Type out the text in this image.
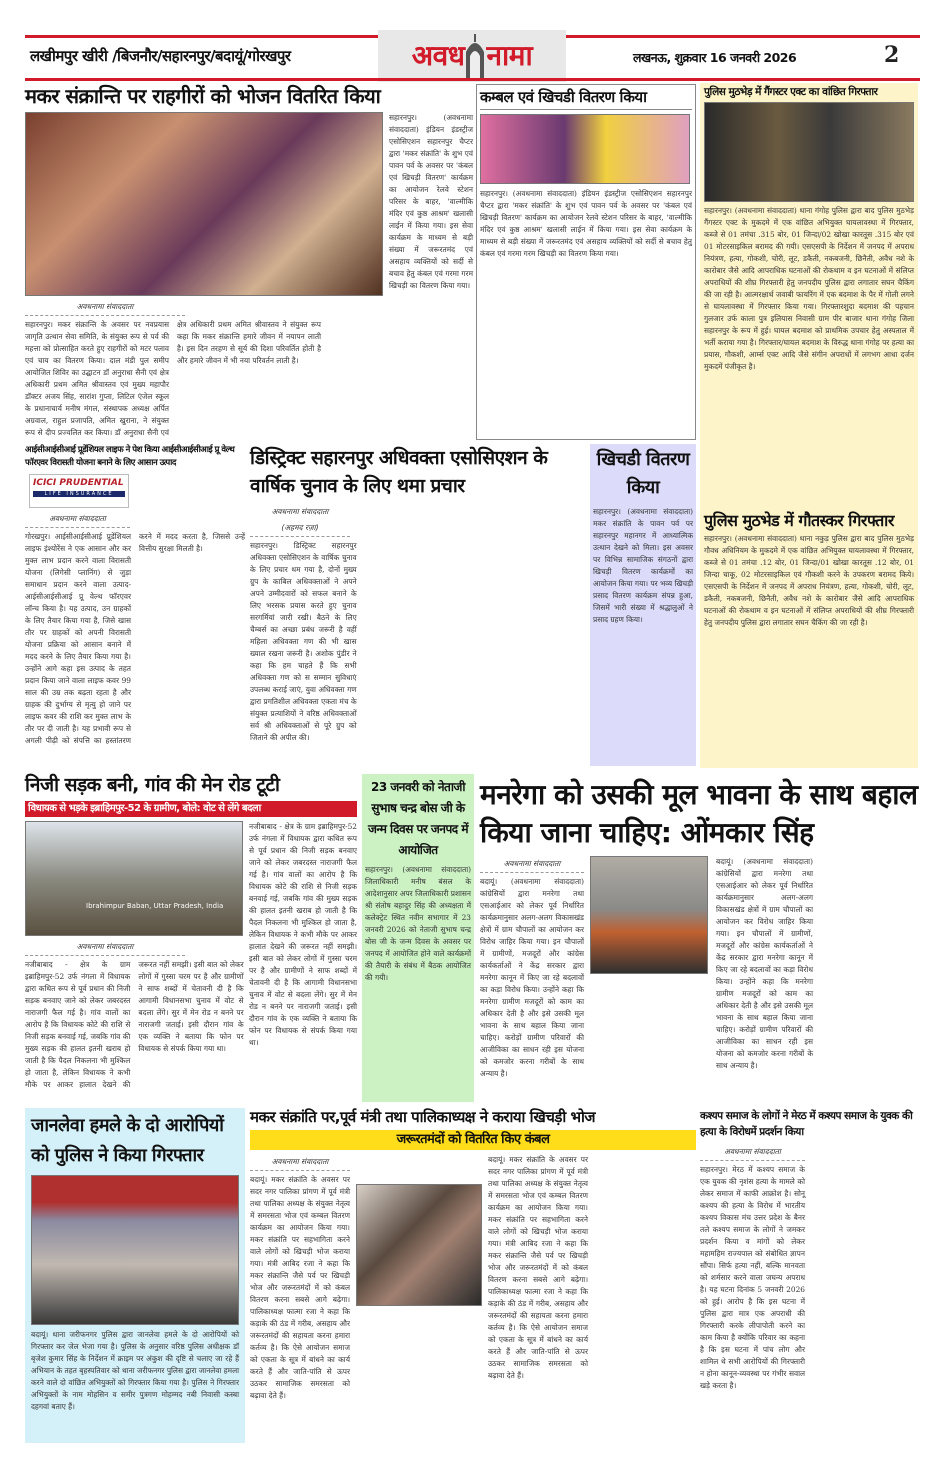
लखीमपुर खीरी /बिजनौर/सहारनपुर/बदायूं/गोरखपुर	अवध नामा	लखनऊ, शुक्रवार 16 जनवरी 2026	2
मकर संक्रान्ति पर राहगीरों को भोजन वितरित किया
सहारनपुर। (अवधनामा संवाददाता) इंडियन इंडस्ट्रीज एसोसिएशन सहारनपुर चैप्टर द्वारा 'मकर संक्रांति' के शुभ एवं पावन पर्व के अवसर पर 'कंबल एवं खिचड़ी वितरण' कार्यक्रम का आयोजन रेलवे स्टेशन परिसर के बाहर, 'वाल्मीकि मंदिर एवं कुष्ठ आश्रम' खलासी लाईन में किया गया। इस सेवा कार्यक्रम के माध्यम से बड़ी संख्या में जरूरतमंद एवं असहाय व्यक्तियों को सर्दी से बचाव हेतु कंबल एवं गरमा गरम खिचड़ी का वितरण किया गया।
अवधनामा संवाददाता
सहारनपुर। मकर संक्रान्ति के अवसर पर नवप्रयास जागृति उत्थान सेवा समिति, के संयुक्त रूप से पर्व की महत्ता को प्रोत्साहित करते हुए राहगीरों को मटर पलाव एवं चाय का वितरण किया। दाल मंडी पुल समीप आयोजित शिविर का उद्घाटन डॉ अनुराधा सैनी एवं क्षेत्र अधिकारी प्रथम अमित श्रीवास्तव एवं मुख्य महापौर डॉक्टर अजय सिंह, सारांश गुप्ता, लिटिल एंजेल स्कूल के प्रधानाचार्य मनीष मंगल, संस्थापक अध्यक्ष अर्पित अग्रवाल, राहुल प्रजापति, अमित खुराना, ने संयुक्त रूप से दीप प्रज्वलित कर किया। डॉ अनुराधा सैनी एवं क्षेत्र अधिकारी प्रथम अमित श्रीवास्तव ने संयुक्त रूप कहा कि मकर संक्रान्ति हमारे जीवन में नयापन लाती है। इस दिन तरहण से सूर्य की दिशा परिवर्तित होती है और हमारे जीवन में भी नया परिवर्तन लाती है।
कम्बल एवं खिचडी वितरण किया
सहारनपुर। (अवधनामा संवाददाता) इंडियन इंडस्ट्रीज एसोसिएशन सहारनपुर चैप्टर द्वारा 'मकर संक्रांति' के शुभ एवं पावन पर्व के अवसर पर 'कंबल एवं खिचड़ी वितरण' कार्यक्रम का आयोजन रेलवे स्टेशन परिसर के बाहर, 'वाल्मीकि मंदिर एवं कुष्ठ आश्रम' खलासी लाईन में किया गया। इस सेवा कार्यक्रम के माध्यम से बड़ी संख्या में जरूरतमंद एवं असहाय व्यक्तियों को सर्दी से बचाव हेतु कंबल एवं गरमा गरम खिचड़ी का वितरण किया गया।
पुलिस मुठभेड़ में गैंगस्टर एक्ट का वांछित गिरफ्तार
सहारनपुर। (अवधनामा संवाददाता) थाना गंगोह पुलिस द्वारा बाद पुलिस मुठभेड़ गैंगस्टर एक्ट के मुकदमे में एक वांछित अभियुक्त घायलावस्था में गिरफ्तार, कब्जे से 01 तमंचा .315 बोर, 01 जिन्दा/02 खोखा कारतूस .315 बोर एवं 01 मोटरसाइकिल बरामद की गयी। एसएसपी के निर्देशन में जनपद में अपराध नियंत्रण, हत्या, गोकशी, चोरी, लूट, डकैती, नकबजनी, छिनैती, अवैध नशे के कारोबार जैसे आदि आपराधिक घटनाओं की रोकथाम व इन घटनाओं में संलिप्त अपराधियों की शीघ्र गिरफ्तारी हेतु जनपदीय पुलिस द्वारा लगातार सघन चैकिंग की जा रही है। आत्मरक्षार्थ जवाबी फायरिंग में एक बदमाश के पैर में गोली लगने से घायलावस्था में गिरफ्तार किया गया। गिरफ्तारशुदा बदमाश की पहचान गुलजार उर्फ काला पुत्र इलियास निवासी ग्राम पीर बाजार थाना गंगोह जिला सहारनपुर के रूप में हुई। घायल बदमाश को प्राथमिक उपचार हेतु अस्पताल में भर्ती कराया गया है। गिरफ्तार/घायल बदमाश के विरुद्ध थाना गंगोह पर हत्या का प्रयास, गौकशी, आर्म्स एक्ट आदि जैसे संगीन अपराधों में लगभग आधा दर्जन मुकदमें पंजीकृत है।
पुलिस मुठभेड में गौतस्कर गिरफ्तार
सहारनपुर। (अवधनामा संवाददाता) थाना नकुड़ पुलिस द्वारा बाद पुलिस मुठभेड़ गौवध अधिनियम के मुकदमे में एक वांछित अभियुक्त घायलावस्था में गिरफ्तार, कब्जे से 01 तमंचा .12 बोर, 01 जिन्दा/01 खोखा कारतूस .12 बोर, 01 जिन्दा चाकू, 02 मोटरसाइकिल एवं गौकशी करने के उपकरण बरामद किये। एसएसपी के निर्देशन में जनपद में अपराध नियंत्रण, हत्या, गोकशी, चोरी, लूट, डकैती, नकबजनी, छिनैती, अवैध नशे के कारोबार जैसे आदि आपराधिक घटनाओं की रोकथाम व इन घटनाओं में संलिप्त अपराधियों की शीघ्र गिरफ्तारी हेतु जनपदीय पुलिस द्वारा लगातार सघन चैकिंग की जा रही है।
आईसीआईसीआई प्रूडेंशियल लाइफ ने पेश किया आईसीआईसीआई प्रू वेल्थ फॉरएवर विरासती योजना बनाने के लिए आसान उत्पाद
ICICI PRUDENTIAL
LIFE INSURANCE
अवधनामा संवाददाता
गोरखपुर। आईसीआईसीआई प्रूडेंशियल लाइफ इंश्योरेंस ने एक आसान और कर मुक्त लाभ प्रदान करने वाला विरासती योजना (लिगेसी प्लानिंग) से जुड़ा समाधान प्रदान करने वाला उत्पाद- आईसीआईसीआई प्रू वेल्थ फॉरएवर लॉन्च किया है। यह उत्पाद, उन ग्राहकों के लिए तैयार किया गया है, जिसे खास तौर पर ग्राहकों को अपनी विरासती योजना प्रक्रिया को आसान बनाने में मदद करने के लिए तैयार किया गया है। उन्होंने आगे कहा इस उत्पाद के तहत प्रदान किया जाने वाला लाइफ कवर 99 साल की उम्र तक बढ़ता रहता है और ग्राहक की दुर्भाग्य से मृत्यु हो जाने पर लाइफ कवर की राशि कर मुक्त लाभ के तौर पर दी जाती है। यह प्रभावी रूप से अगली पीढ़ी को संपत्ति का हस्तांतरण करने में मदद करता है, जिससे उन्हें वित्तीय सुरक्षा मिलती है।
डिस्ट्रिक्ट सहारनपुर अधिवक्ता एसोसिएशन के वार्षिक चुनाव के लिए थमा प्रचार
अवधनामा संवाददाता
(अहमद रज़ा)
सहारनपुर। डिस्ट्रिक्ट सहारनपुर अधिवक्ता एसोसिएशन के वार्षिक चुनाव के लिए प्रचार थम गया है, दोनों मुख्य ग्रुप के काबिल अधिवक्ताओं ने अपने अपने उम्मीदवारों को सफल बनाने के लिए भरसक प्रयास करते हुए चुनाव सरगर्मियां जारी रखी। बैठने के लिए चैम्बर्स का अच्छा प्रबंध जरूरी है वहीं महिला अधिवक्ता गण की भी खास ख्याल रखना जरूरी है। अशोक पुंडीर ने कहा कि हम चाहते हैं कि सभी अधिवक्ता गण को स सम्मान सुविधाएं उपलब्ध कराई जाएं, युवा अधिवक्ता गण द्वारा प्रगतिशील अधिवक्ता एकता मंच के संयुक्त प्रत्याशियों ने वरिष्ठ अधिवक्ताओं सर्व श्री अधिवक्ताओं से पूरे ग्रुप को जिताने की अपील की।
खिचडी वितरण किया
सहारनपुर। (अवधनामा संवाददाता) मकर संक्रांति के पावन पर्व पर सहारनपुर महानगर में आध्यात्मिक उत्थान देखने को मिला। इस अवसर पर विभिन्न सामाजिक संगठनों द्वारा खिचड़ी वितरण कार्यक्रमों का आयोजन किया गया। पर भव्य खिचड़ी प्रसाद वितरण कार्यक्रम संपन्न हुआ, जिसमें भारी संख्या में श्रद्धालुओं ने प्रसाद ग्रहण किया।
निजी सड़क बनी, गांव की मेन रोड टूटी
विधायक से भड़के इब्राहिमपुर-52 के ग्रामीण, बोले: वोट से लेंगे बदला
Ibrahimpur Baban, Uttar Pradesh, India
नजीबाबाद - क्षेत्र के ग्राम इब्राहिमपुर-52 उर्फ नंगला में विधायक द्वारा कथित रूप से पूर्व प्रधान की निजी सड़क बनवाए जाने को लेकर जबरदस्त नाराजगी फैल गई है। गांव वालों का आरोप है कि विधायक कोटे की राशि से निजी सड़क बनवाई गई, जबकि गांव की मुख्य सड़क की हालत इतनी खराब हो जाती है कि पैदल निकलना भी मुश्किल हो जाता है, लेकिन विधायक ने कभी मौके पर आकर हालात देखने की जरूरत नहीं समझी। इसी बात को लेकर लोगों में गुस्सा चरम पर है और ग्रामीणों ने साफ शब्दों में चेतावनी दी है कि आगामी विधानसभा चुनाव में वोट से बदला लेंगे। सुर में मेन रोड न बनने पर नाराजगी जताई। इसी दौरान गांव के एक व्यक्ति ने बताया कि फोन पर विधायक से संपर्क किया गया था।
अवधनामा संवाददाता
नजीबाबाद - क्षेत्र के ग्राम इब्राहिमपुर-52 उर्फ नंगला में विधायक द्वारा कथित रूप से पूर्व प्रधान की निजी सड़क बनवाए जाने को लेकर जबरदस्त नाराजगी फैल गई है। गांव वालों का आरोप है कि विधायक कोटे की राशि से निजी सड़क बनवाई गई, जबकि गांव की मुख्य सड़क की हालत इतनी खराब हो जाती है कि पैदल निकलना भी मुश्किल हो जाता है, लेकिन विधायक ने कभी मौके पर आकर हालात देखने की जरूरत नहीं समझी। इसी बात को लेकर लोगों में गुस्सा चरम पर है और ग्रामीणों ने साफ शब्दों में चेतावनी दी है कि आगामी विधानसभा चुनाव में वोट से बदला लेंगे। सुर में मेन रोड न बनने पर नाराजगी जताई। इसी दौरान गांव के एक व्यक्ति ने बताया कि फोन पर विधायक से संपर्क किया गया था।
23 जनवरी को नेताजी सुभाष चन्द्र बोस जी के जन्म दिवस पर जनपद में आयोजित
सहारनपुर। (अवधनामा संवाददाता) जिलाधिकारी मनीष बंसल के आदेशानुसार अपर जिलाधिकारी प्रशासन श्री संतोष बहादुर सिंह की अध्यक्षता में कलेक्ट्रेट स्थित नवीन सभागार में 23 जनवरी 2026 को नेताजी सुभाष चन्द्र बोस जी के जन्म दिवस के अवसर पर जनपद में आयोजित होने वाले कार्यक्रमों की तैयारी के संबंध में बैठक आयोजित की गयी।
मनरेगा को उसकी मूल भावना के साथ बहाल किया जाना चाहिए: ओंमकार सिंह
अवधनामा संवाददाता
बदायूं। (अवधनामा संवाददाता) कांग्रेसियों द्वारा मनरेगा तथा एसआईआर को लेकर पूर्व निर्धारित कार्यक्रमानुसार अलग-अलग विकासखंड क्षेत्रों में ग्राम चौपालों का आयोजन कर विरोध जाहिर किया गया। इन चौपालों में ग्रामीणों, मजदूरों और कांग्रेस कार्यकर्ताओं ने केंद्र सरकार द्वारा मनरेगा कानून में किए जा रहे बदलावों का कड़ा विरोध किया। उन्होंने कहा कि मनरेगा ग्रामीण मजदूरों को काम का अधिकार देती है और इसे उसकी मूल भावना के साथ बहाल किया जाना चाहिए। करोड़ों ग्रामीण परिवारों की आजीविका का साधन रही इस योजना को कमजोर करना गरीबों के साथ अन्याय है।
बदायूं। (अवधनामा संवाददाता) कांग्रेसियों द्वारा मनरेगा तथा एसआईआर को लेकर पूर्व निर्धारित कार्यक्रमानुसार अलग-अलग विकासखंड क्षेत्रों में ग्राम चौपालों का आयोजन कर विरोध जाहिर किया गया। इन चौपालों में ग्रामीणों, मजदूरों और कांग्रेस कार्यकर्ताओं ने केंद्र सरकार द्वारा मनरेगा कानून में किए जा रहे बदलावों का कड़ा विरोध किया। उन्होंने कहा कि मनरेगा ग्रामीण मजदूरों को काम का अधिकार देती है और इसे उसकी मूल भावना के साथ बहाल किया जाना चाहिए। करोड़ों ग्रामीण परिवारों की आजीविका का साधन रही इस योजना को कमजोर करना गरीबों के साथ अन्याय है।
जानलेवा हमले के दो आरोपियों को पुलिस ने किया गिरफ्तार
बदायूं। थाना जरीफनगर पुलिस द्वारा जानलेवा हमले के दो आरोपियों को गिरफ्तार कर जेल भेजा गया है। पुलिस के अनुसार वरिष्ठ पुलिस अधीक्षक डॉ बृजेश कुमार सिंह के निर्देशन में क्राइम पर अंकुश की दृष्टि से चलाए जा रहे हैं अभियान के तहत बृहस्पतिवार को थाना जरीफनगर पुलिस द्वारा जानलेवा हमला करने वाले दो वांछित अभियुक्तों को गिरफ्तार किया गया है। पुलिस ने गिरफ्तार अभियुक्तों के नाम मोहसिन व समीर पुत्रगण मोहम्मद नबी निवासी कस्बा दहगवां बताए हैं।
मकर संक्रांति पर,पूर्व मंत्री तथा पालिकाध्यक्ष ने कराया खिचड़ी भोज
जरूरतमंदों को वितरित किए कंबल
अवधनामा संवाददाता
बदायूं। मकर संक्रांति के अवसर पर सदर नगर पालिका प्रांगण में पूर्व मंत्री तथा पालिका अध्यक्ष के संयुक्त नेतृत्व में समरसता भोज एवं कम्बल वितरण कार्यक्रम का आयोजन किया गया। मकर संक्रांति पर सहभागिता करने वाले लोगों को खिचड़ी भोज कराया गया। मंत्री आबिद रजा ने कहा कि मकर संक्रान्ति जैसे पर्व पर खिचड़ी भोज और जरूरतमंदों में को कंबल वितरण करना सबसे आगे बढ़ेगा। पालिकाध्यक्ष फात्मा रजा ने कहा कि कड़ाके की ठंड में गरीब, असहाय और जरूरतमंदों की सहायता करना हमारा कर्तव्य है। कि ऐसे आयोजन समाज को एकता के सूत्र में बांधने का कार्य करते हैं और जाति-पांति से ऊपर उठकर सामाजिक समरसता को बढ़ावा देते हैं।
बदायूं। मकर संक्रांति के अवसर पर सदर नगर पालिका प्रांगण में पूर्व मंत्री तथा पालिका अध्यक्ष के संयुक्त नेतृत्व में समरसता भोज एवं कम्बल वितरण कार्यक्रम का आयोजन किया गया। मकर संक्रांति पर सहभागिता करने वाले लोगों को खिचड़ी भोज कराया गया। मंत्री आबिद रजा ने कहा कि मकर संक्रान्ति जैसे पर्व पर खिचड़ी भोज और जरूरतमंदों में को कंबल वितरण करना सबसे आगे बढ़ेगा। पालिकाध्यक्ष फात्मा रजा ने कहा कि कड़ाके की ठंड में गरीब, असहाय और जरूरतमंदों की सहायता करना हमारा कर्तव्य है। कि ऐसे आयोजन समाज को एकता के सूत्र में बांधने का कार्य करते हैं और जाति-पांति से ऊपर उठकर सामाजिक समरसता को बढ़ावा देते हैं।
कश्यप समाज के लोगों ने मेरठ में कश्यप समाज के युवक की हत्या के विरोधमें प्रदर्शन किया
अवधनामा संवाददाता
सहारनपुर। मेरठ में कश्यप समाज के एक युवक की नृशंस हत्या के मामले को लेकर समाज में काफी आक्रोश है। सोनू कश्यप की हत्या के विरोध में भारतीय कश्यप विकास मंच उत्तर प्रदेश के बैनर तले कश्यप समाज के लोगों ने जमकर प्रदर्शन किया व मांगों को लेकर महामहिम राज्यपाल को संबोधित ज्ञापन सौंपा। सिर्फ हत्या नहीं, बल्कि मानवता को शर्मसार करने वाला जघन्य अपराध है। यह घटना दिनांक 5 जनवरी 2026 को हुई। आरोप है कि इस घटना में पुलिस द्वारा मात्र एक अपराधी की गिरफ्तारी करके लीपापोती करने का काम किया है क्योंकि परिवार का कहना है कि इस घटना में पांच लोग और शामिल थे सभी आरोपियों की गिरफ्तारी न होना कानून-व्यवस्था पर गंभीर सवाल खड़े करता है।
